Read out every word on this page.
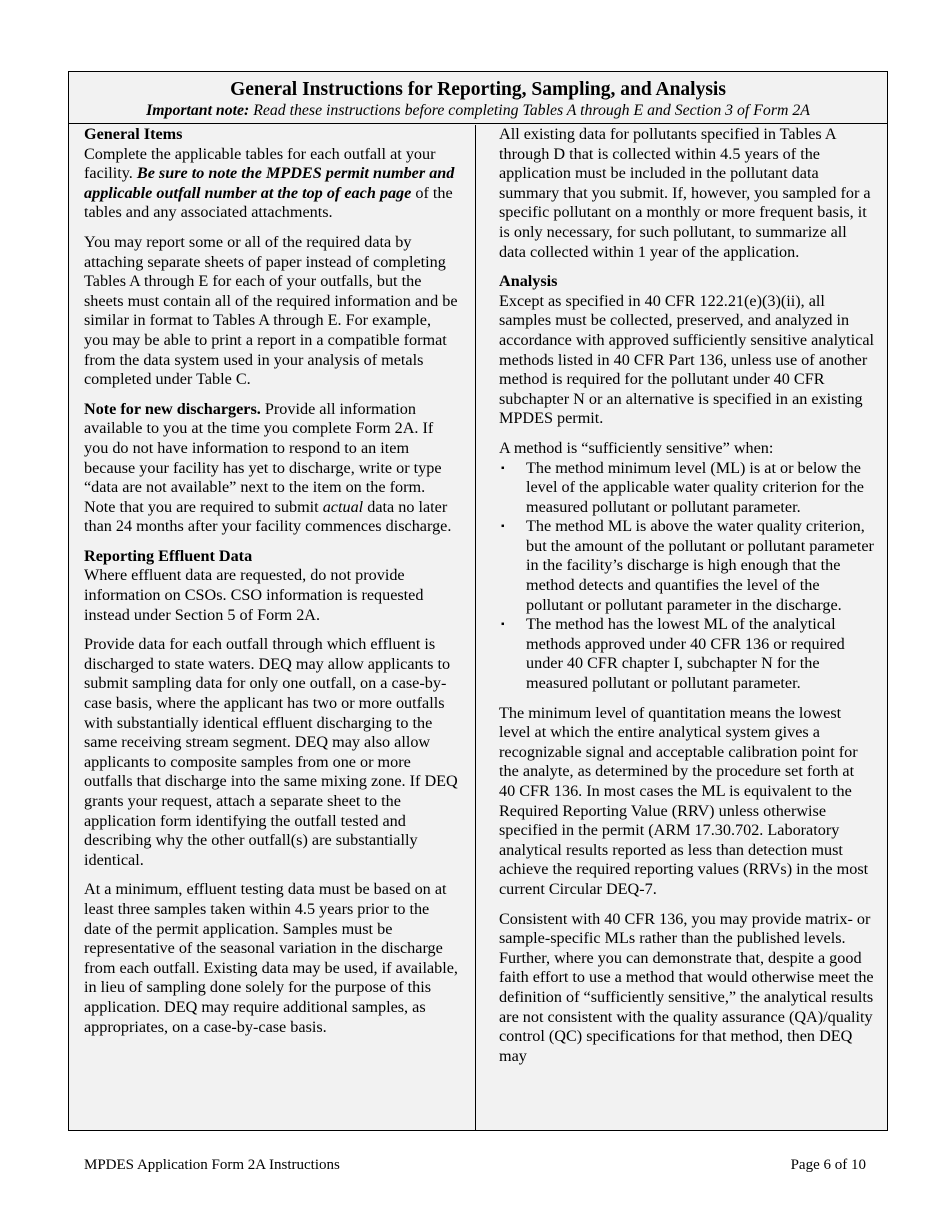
General Instructions for Reporting, Sampling, and Analysis
Important note: Read these instructions before completing Tables A through E and Section 3 of Form 2A
General Items

Complete the applicable tables for each outfall at your facility. Be sure to note the MPDES permit number and applicable outfall number at the top of each page of the tables and any associated attachments.

You may report some or all of the required data by attaching separate sheets of paper instead of completing Tables A through E for each of your outfalls, but the sheets must contain all of the required information and be similar in format to Tables A through E. For example, you may be able to print a report in a compatible format from the data system used in your analysis of metals completed under Table C.

Note for new dischargers. Provide all information available to you at the time you complete Form 2A. If you do not have information to respond to an item because your facility has yet to discharge, write or type “data are not available” next to the item on the form. Note that you are required to submit actual data no later than 24 months after your facility commences discharge.

Reporting Effluent Data

Where effluent data are requested, do not provide information on CSOs. CSO information is requested instead under Section 5 of Form 2A.

Provide data for each outfall through which effluent is discharged to state waters. DEQ may allow applicants to submit sampling data for only one outfall, on a case-by-case basis, where the applicant has two or more outfalls with substantially identical effluent discharging to the same receiving stream segment. DEQ may also allow applicants to composite samples from one or more outfalls that discharge into the same mixing zone. If DEQ grants your request, attach a separate sheet to the application form identifying the outfall tested and describing why the other outfall(s) are substantially identical.

At a minimum, effluent testing data must be based on at least three samples taken within 4.5 years prior to the date of the permit application. Samples must be representative of the seasonal variation in the discharge from each outfall. Existing data may be used, if available, in lieu of sampling done solely for the purpose of this application. DEQ may require additional samples, as appropriates, on a case-by-case basis.

All existing data for pollutants specified in Tables A through D that is collected within 4.5 years of the application must be included in the pollutant data summary that you submit. If, however, you sampled for a specific pollutant on a monthly or more frequent basis, it is only necessary, for such pollutant, to summarize all data collected within 1 year of the application.

Analysis

Except as specified in 40 CFR 122.21(e)(3)(ii), all samples must be collected, preserved, and analyzed in accordance with approved sufficiently sensitive analytical methods listed in 40 CFR Part 136, unless use of another method is required for the pollutant under 40 CFR subchapter N or an alternative is specified in an existing MPDES permit.

A method is “sufficiently sensitive” when:

▪ The method minimum level (ML) is at or below the level of the applicable water quality criterion for the measured pollutant or pollutant parameter.
▪ The method ML is above the water quality criterion, but the amount of the pollutant or pollutant parameter in the facility’s discharge is high enough that the method detects and quantifies the level of the pollutant or pollutant parameter in the discharge.
▪ The method has the lowest ML of the analytical methods approved under 40 CFR 136 or required under 40 CFR chapter I, subchapter N for the measured pollutant or pollutant parameter.

The minimum level of quantitation means the lowest level at which the entire analytical system gives a recognizable signal and acceptable calibration point for the analyte, as determined by the procedure set forth at 40 CFR 136. In most cases the ML is equivalent to the Required Reporting Value (RRV) unless otherwise specified in the permit (ARM 17.30.702. Laboratory analytical results reported as less than detection must achieve the required reporting values (RRVs) in the most current Circular DEQ-7.

Consistent with 40 CFR 136, you may provide matrix- or sample-specific MLs rather than the published levels. Further, where you can demonstrate that, despite a good faith effort to use a method that would otherwise meet the definition of “sufficiently sensitive,” the analytical results are not consistent with the quality assurance (QA)/quality control (QC) specifications for that method, then DEQ may

MPDES Application Form 2A Instructions	Page 6 of 10
